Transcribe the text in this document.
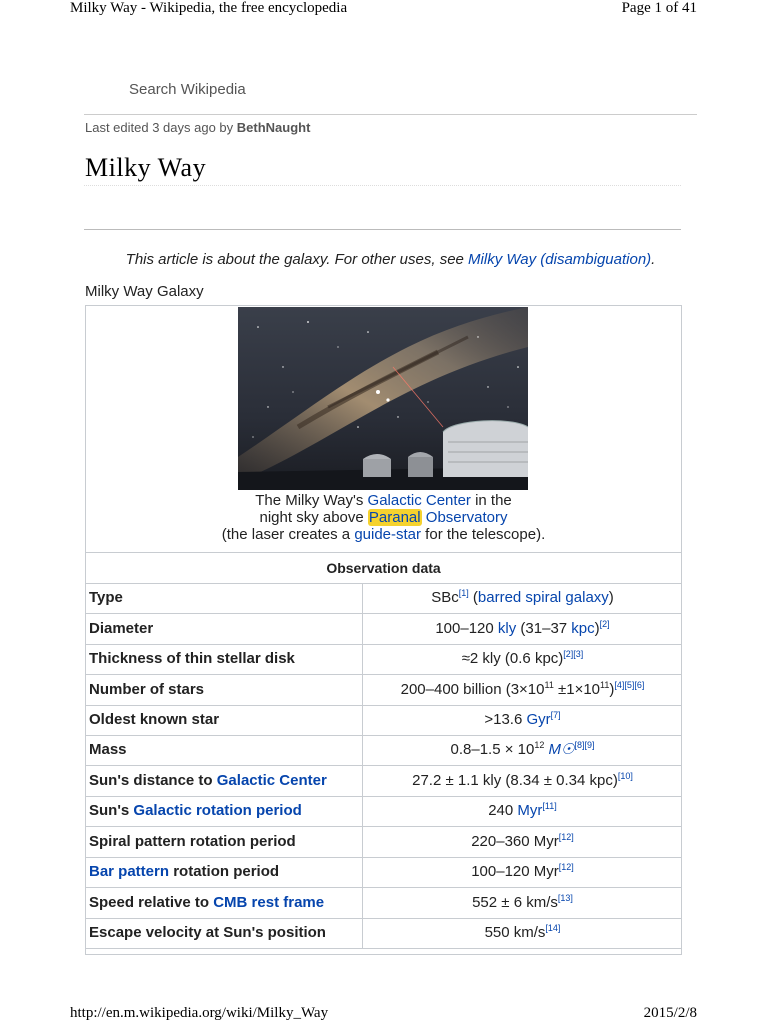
Milky Way - Wikipedia, the free encyclopedia	Page 1 of 41
Search Wikipedia
Last edited 3 days ago by BethNaught
Milky Way
This article is about the galaxy. For other uses, see Milky Way (disambiguation).
Milky Way Galaxy
The Milky Way's Galactic Center in the
night sky above Paranal Observatory
(the laser creates a guide-star for the telescope).
Observation data
Type	SBc[1] (barred spiral galaxy)
Diameter	100–120 kly (31–37 kpc)[2]
Thickness of thin stellar disk	≈2 kly (0.6 kpc)[2][3]
Number of stars	200–400 billion $(3\times 10^{11} \pm 1\times 10^{11})[4][5][6]$
Oldest known star	>13.6 Gyr[7]
Mass	$0.8-1.5 \times 10^{12}$ M☉[8][9]
Sun's distance to Galactic Center	27.2 ± 1.1 kly (8.34 ± 0.34 kpc)[10]
Sun's Galactic rotation period	240 Myr[11]
Spiral pattern rotation period	220–360 Myr[12]
Bar pattern rotation period	100–120 Myr[12]
Speed relative to CMB rest frame	552 ± 6 km/s[13]
Escape velocity at Sun's position	550 km/s[14]
http://en.m.wikipedia.org/wiki/Milky_Way	2015/2/8
